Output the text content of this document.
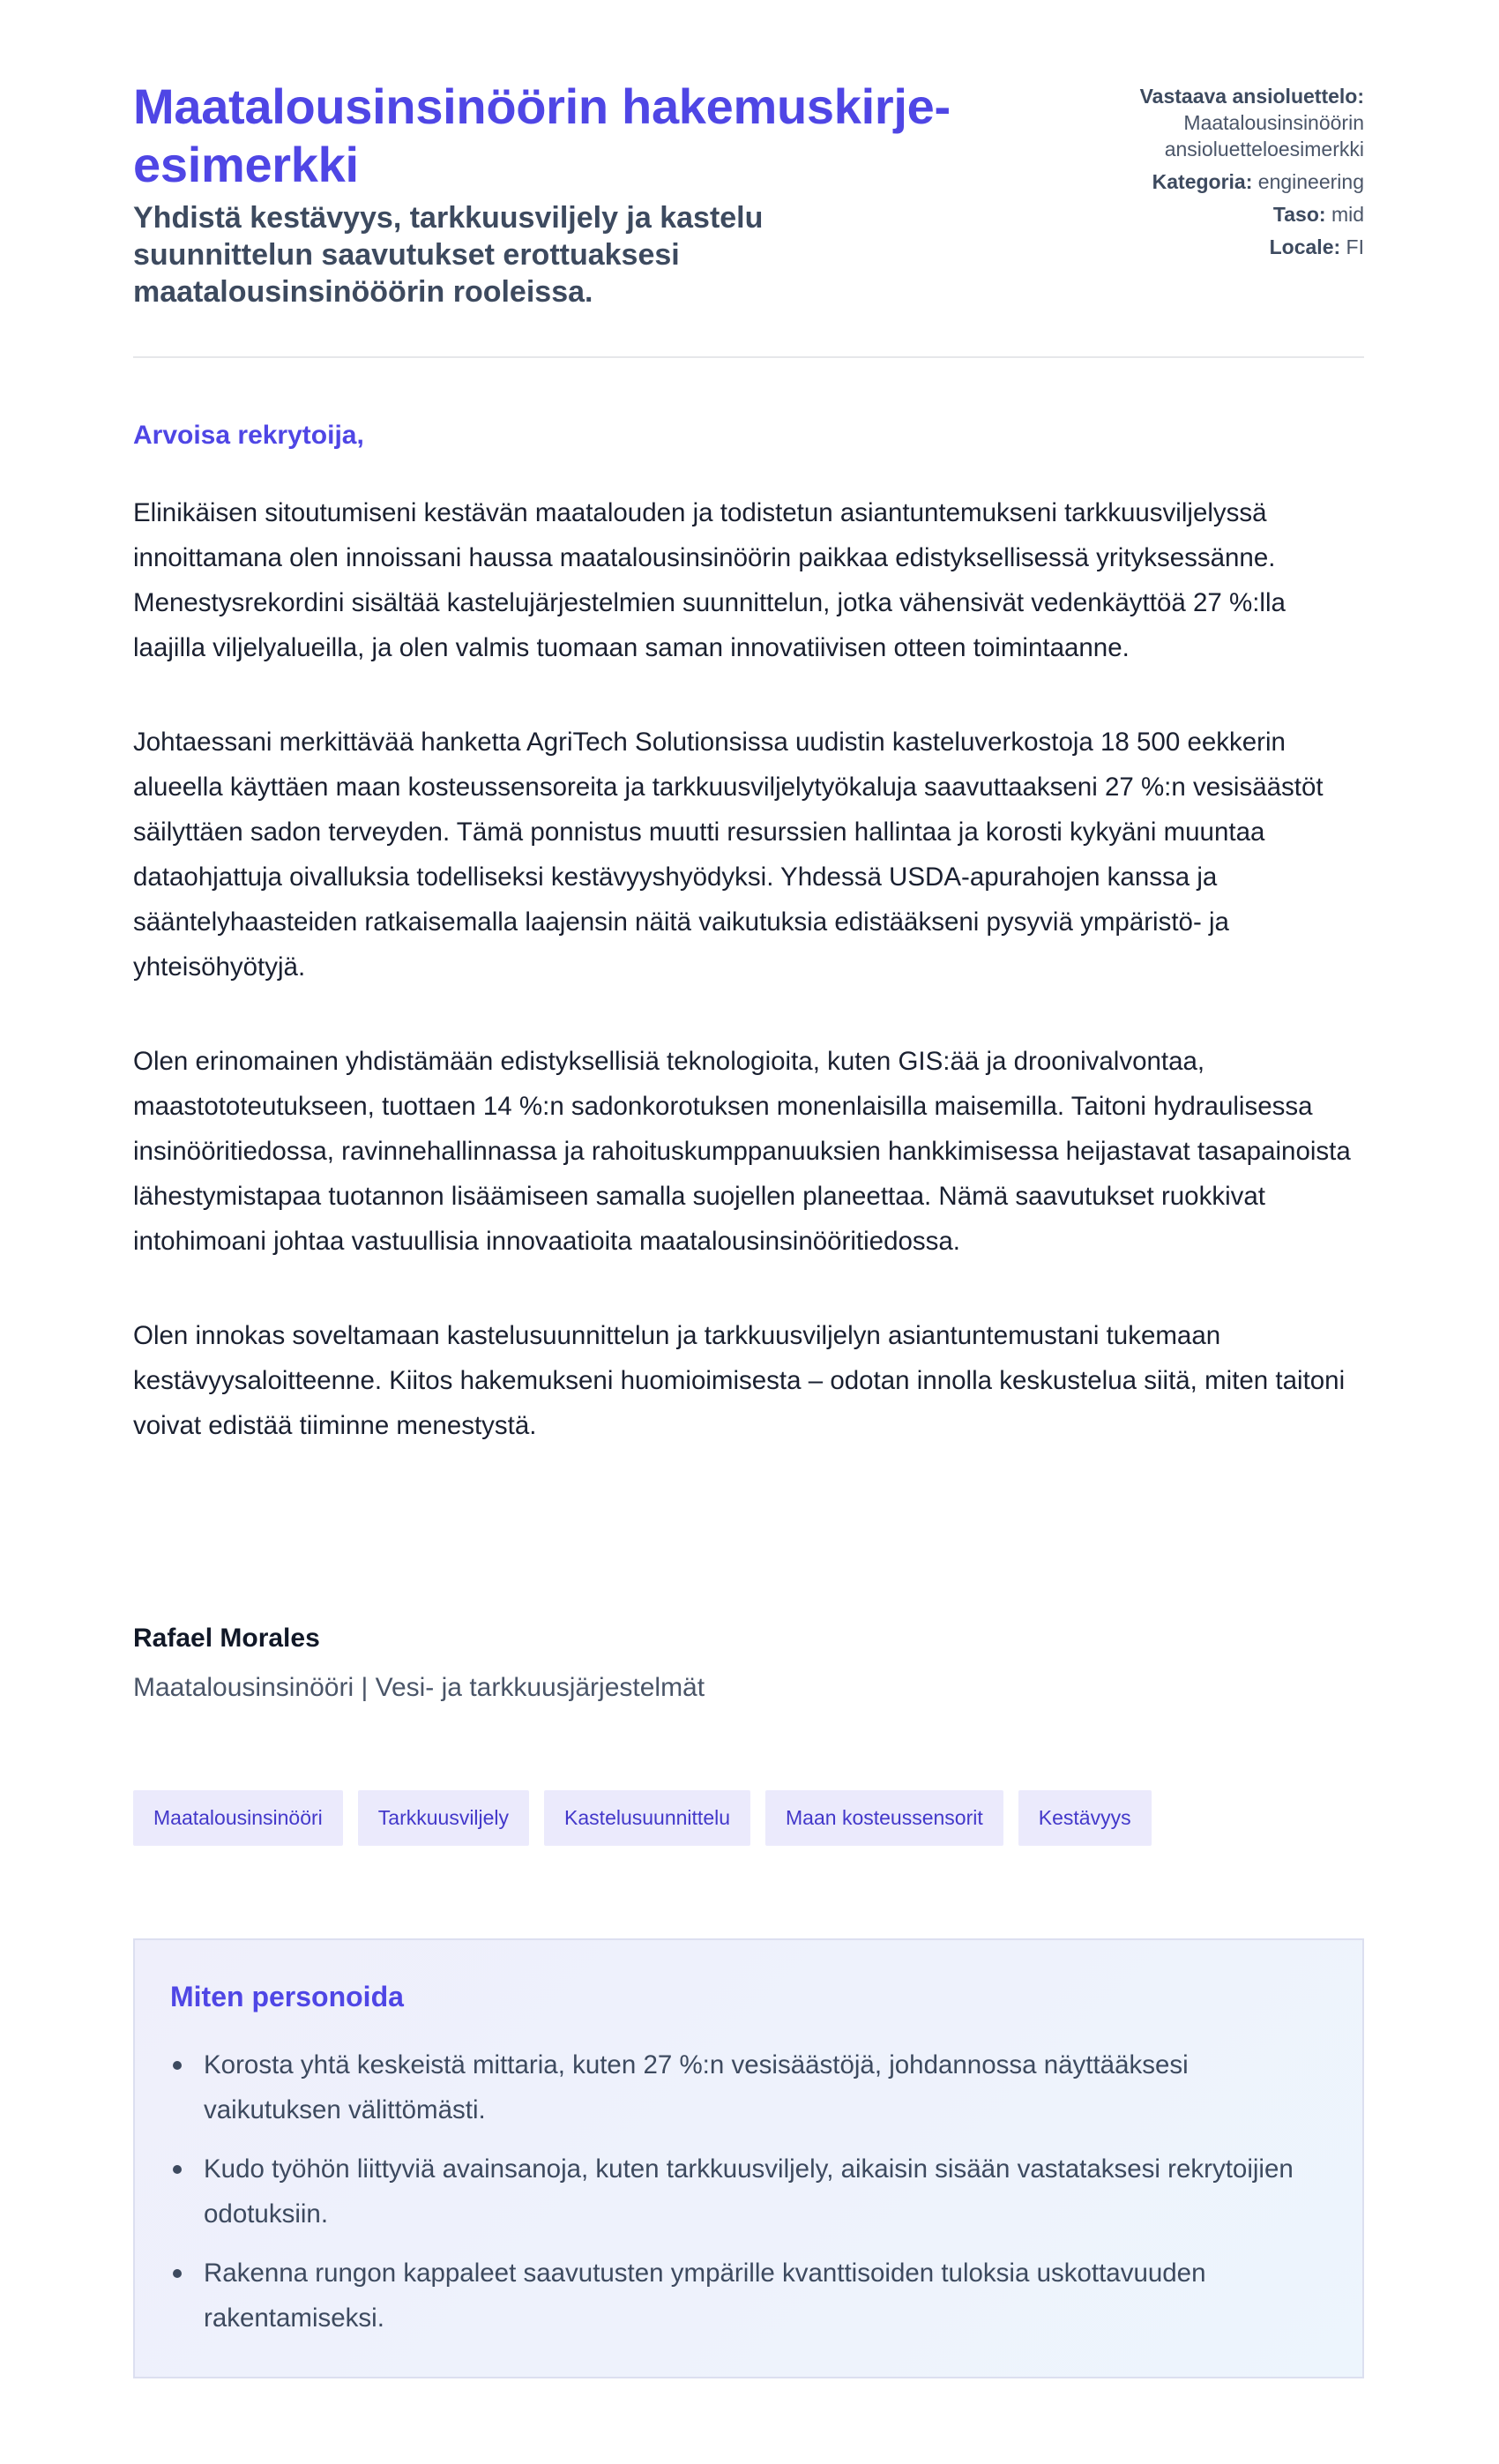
Maatalousinsinöörin hakemuskirje-esimerkki
Yhdistä kestävyys, tarkkuusviljely ja kastelu suunnittelun saavutukset erottuaksesi maatalousinsinööörin rooleissa.
Vastaava ansioluettelo: Maatalousinsinöörin ansioluetteloesimerkki
Kategoria: engineering
Taso: mid
Locale: FI
Arvoisa rekrytoija,

Elinikäisen sitoutumiseni kestävän maatalouden ja todistetun asiantuntemukseni tarkkuusviljelyssä innoittamana olen innoissani haussa maatalousinsinöörin paikkaa edistyksellisessä yrityksessänne. Menestysrekordini sisältää kastelujärjestelmien suunnittelun, jotka vähensivät vedenkäyttöä 27 %:lla laajilla viljelyalueilla, ja olen valmis tuomaan saman innovatiivisen otteen toimintaanne.

Johtaessani merkittävää hanketta AgriTech Solutionsissa uudistin kasteluverkostoja 18 500 eekkerin alueella käyttäen maan kosteussensoreita ja tarkkuusviljelytyökaluja saavuttaakseni 27 %:n vesisäästöt säilyttäen sadon terveyden. Tämä ponnistus muutti resurssien hallintaa ja korosti kykyäni muuntaa dataohjattuja oivalluksia todelliseksi kestävyyshyödyksi. Yhdessä USDA-apurahojen kanssa ja sääntelyhaasteiden ratkaisemalla laajensin näitä vaikutuksia edistääkseni pysyviä ympäristö- ja yhteisöhyötyjä.

Olen erinomainen yhdistämään edistyksellisiä teknologioita, kuten GIS:ää ja droonivalvontaa, maastototeutukseen, tuottaen 14 %:n sadonkorotuksen monenlaisilla maisemilla. Taitoni hydraulisessa insinööritiedossa, ravinnehallinnassa ja rahoituskumppanuuksien hankkimisessa heijastavat tasapainoista lähestymistapaa tuotannon lisäämiseen samalla suojellen planeettaa. Nämä saavutukset ruokkivat intohimoani johtaa vastuullisia innovaatioita maatalousinsinööritiedossa.

Olen innokas soveltamaan kastelusuunnittelun ja tarkkuusviljelyn asiantuntemustani tukemaan kestävyysaloitteenne. Kiitos hakemukseni huomioimisesta – odotan innolla keskustelua siitä, miten taitoni voivat edistää tiiminne menestystä.

Rafael Morales
Maatalousinsinööri | Vesi- ja tarkkuusjärjestelmät
Maatalousinsinööri	Tarkkuusviljely	Kastelusuunnittelu	Maan kosteussensorit	Kestävyys
Miten personoida
Korosta yhtä keskeistä mittaria, kuten 27 %:n vesisäästöjä, johdannossa näyttääksesi vaikutuksen välittömästi.
Kudo työhön liittyviä avainsanoja, kuten tarkkuusviljely, aikaisin sisään vastataksesi rekrytoijien odotuksiin.
Rakenna rungon kappaleet saavutusten ympärille kvanttisoiden tuloksia uskottavuuden rakentamiseksi.
